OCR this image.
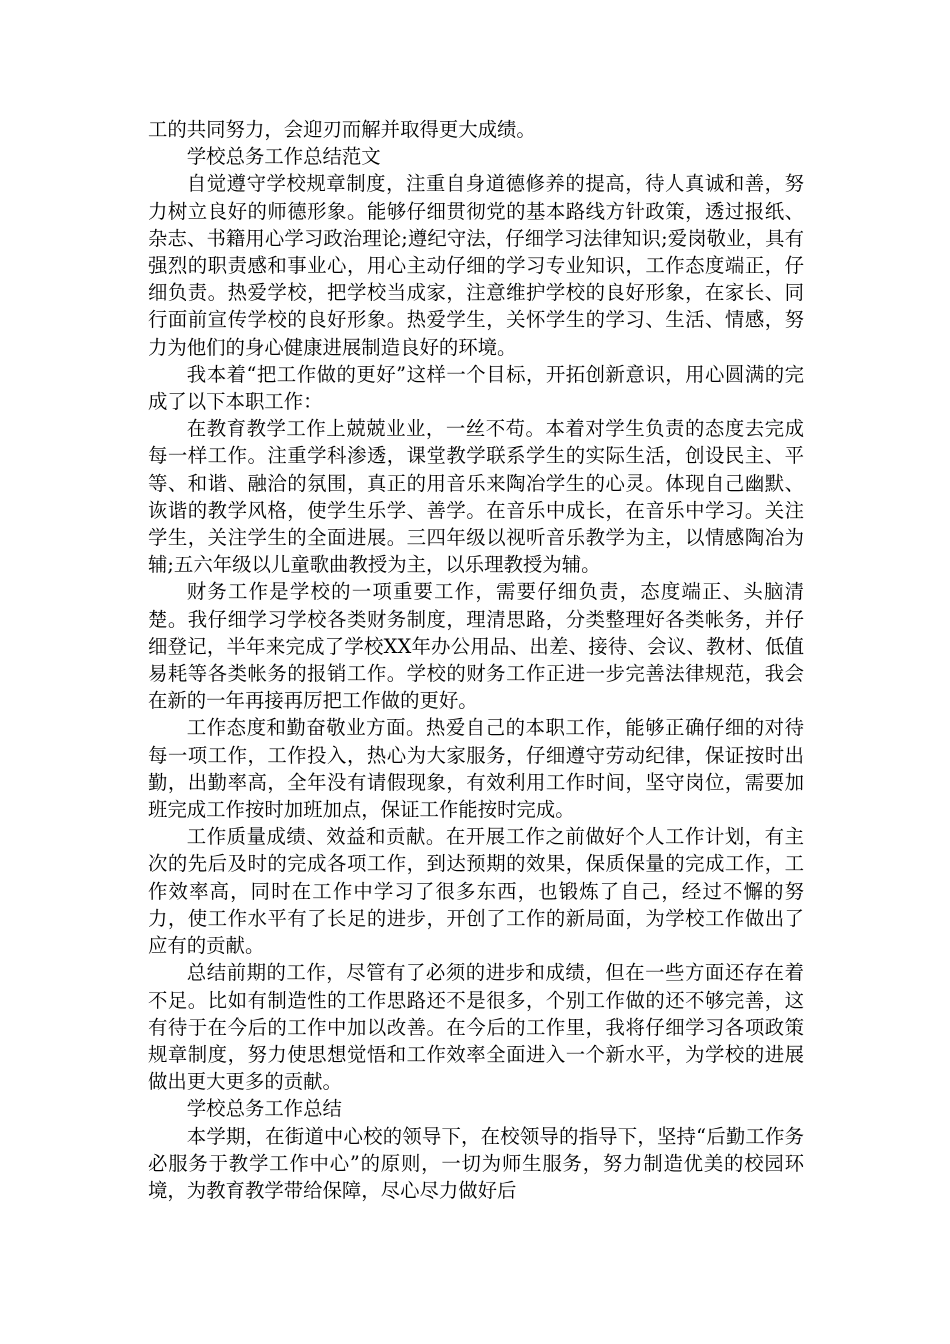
工的共同努力，会迎刃而解并取得更大成绩。

学校总务工作总结范文

自觉遵守学校规章制度，注重自身道德修养的提高，待人真诚和善，努力树立良好的师德形象。能够仔细贯彻党的基本路线方针政策，透过报纸、杂志、书籍用心学习政治理论;遵纪守法，仔细学习法律知识;爱岗敬业，具有强烈的职责感和事业心，用心主动仔细的学习专业知识，工作态度端正，仔细负责。热爱学校，把学校当成家，注意维护学校的良好形象，在家长、同行面前宣传学校的良好形象。热爱学生，关怀学生的学习、生活、情感，努力为他们的身心健康进展制造良好的环境。

我本着“把工作做的更好”这样一个目标，开拓创新意识，用心圆满的完成了以下本职工作：

在教育教学工作上兢兢业业，一丝不苟。本着对学生负责的态度去完成每一样工作。注重学科渗透，课堂教学联系学生的实际生活，创设民主、平等、和谐、融洽的氛围，真正的用音乐来陶冶学生的心灵。体现自己幽默、诙谐的教学风格，使学生乐学、善学。在音乐中成长，在音乐中学习。关注学生，关注学生的全面进展。三四年级以视听音乐教学为主，以情感陶冶为辅;五六年级以儿童歌曲教授为主，以乐理教授为辅。

财务工作是学校的一项重要工作，需要仔细负责，态度端正、头脑清楚。我仔细学习学校各类财务制度，理清思路，分类整理好各类帐务，并仔细登记，半年来完成了学校XX年办公用品、出差、接待、会议、教材、低值易耗等各类帐务的报销工作。学校的财务工作正进一步完善法律规范，我会在新的一年再接再厉把工作做的更好。

工作态度和勤奋敬业方面。热爱自己的本职工作，能够正确仔细的对待每一项工作，工作投入，热心为大家服务，仔细遵守劳动纪律，保证按时出勤，出勤率高，全年没有请假现象，有效利用工作时间，坚守岗位，需要加班完成工作按时加班加点，保证工作能按时完成。

工作质量成绩、效益和贡献。在开展工作之前做好个人工作计划，有主次的先后及时的完成各项工作，到达预期的效果，保质保量的完成工作，工作效率高，同时在工作中学习了很多东西，也锻炼了自己，经过不懈的努力，使工作水平有了长足的进步，开创了工作的新局面，为学校工作做出了应有的贡献。

总结前期的工作，尽管有了必须的进步和成绩，但在一些方面还存在着不足。比如有制造性的工作思路还不是很多，个别工作做的还不够完善，这有待于在今后的工作中加以改善。在今后的工作里，我将仔细学习各项政策规章制度，努力使思想觉悟和工作效率全面进入一个新水平，为学校的进展做出更大更多的贡献。

学校总务工作总结

本学期，在街道中心校的领导下，在校领导的指导下，坚持“后勤工作务必服务于教学工作中心”的原则，一切为师生服务，努力制造优美的校园环境，为教育教学带给保障，尽心尽力做好后
